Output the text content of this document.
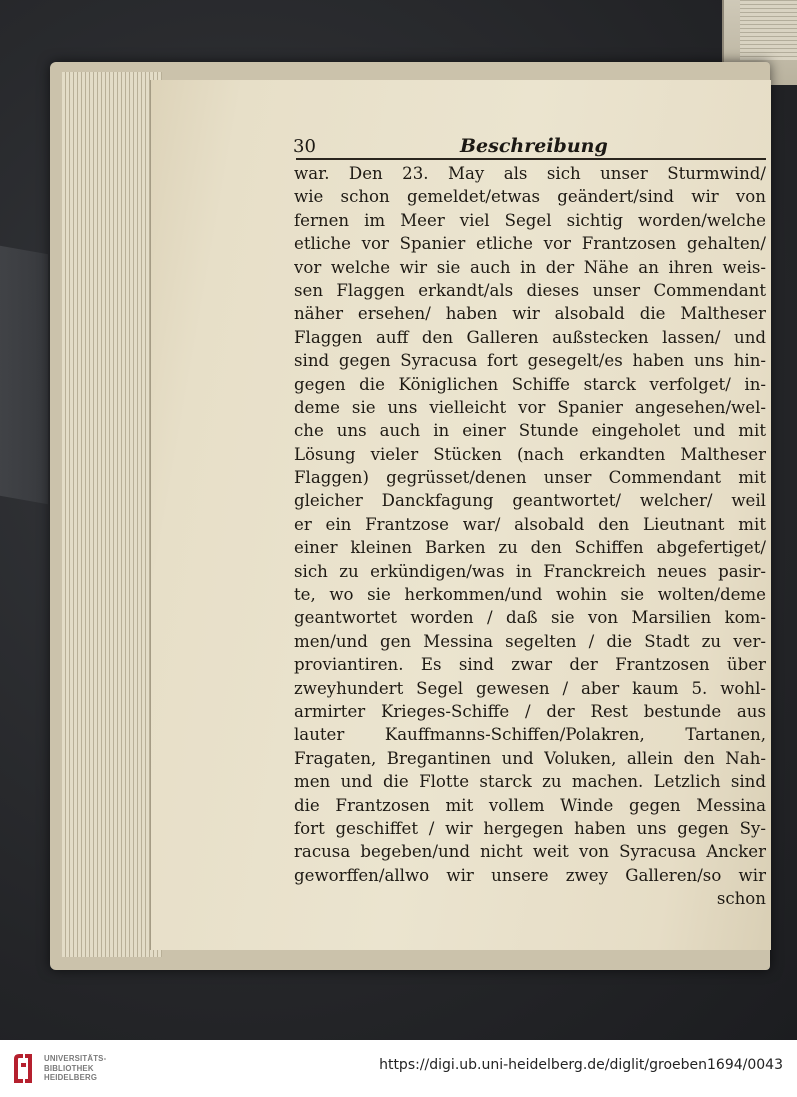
30	Beschreibung
war. Den 23. May als sich unser Sturmwind/
wie schon gemeldet/etwas geändert/sind wir von
fernen im Meer viel Segel sichtig worden/welche
etliche vor Spanier etliche vor Frantzosen gehalten/
vor welche wir sie auch in der Nähe an ihren weis-
sen Flaggen erkandt/als dieses unser Commendant
näher ersehen/ haben wir alsobald die Maltheser
Flaggen auff den Galleren außstecken lassen/ und
sind gegen Syracusa fort gesegelt/es haben uns hin-
gegen die Königlichen Schiffe starck verfolget/ in-
deme sie uns vielleicht vor Spanier angesehen/wel-
che uns auch in einer Stunde eingeholet und mit
Lösung vieler Stücken (nach erkandten Maltheser
Flaggen) gegrüsset/denen unser Commendant mit
gleicher Danckfagung geantwortet/ welcher/ weil
er ein Frantzose war/ alsobald den Lieutnant mit
einer kleinen Barken zu den Schiffen abgefertiget/
sich zu erkündigen/was in Franckreich neues pasir-
te, wo sie herkommen/und wohin sie wolten/deme
geantwortet worden / daß sie von Marsilien kom-
men/und gen Messina segelten / die Stadt zu ver-
proviantiren. Es sind zwar der Frantzosen über
zweyhundert Segel gewesen / aber kaum 5. wohl-
armirter Krieges-Schiffe / der Rest bestunde aus
lauter Kauffmanns-Schiffen/Polakren, Tartanen,
Fragaten, Bregantinen und Voluken, allein den Nah-
men und die Flotte starck zu machen. Letzlich sind
die Frantzosen mit vollem Winde gegen Messina
fort geschiffet / wir hergegen haben uns gegen Sy-
racusa begeben/und nicht weit von Syracusa Ancker
geworffen/allwo wir unsere zwey Galleren/so wir
schon
UNIVERSITÄTS-
BIBLIOTHEK
HEIDELBERG
https://digi.ub.uni-heidelberg.de/diglit/groeben1694/0043
